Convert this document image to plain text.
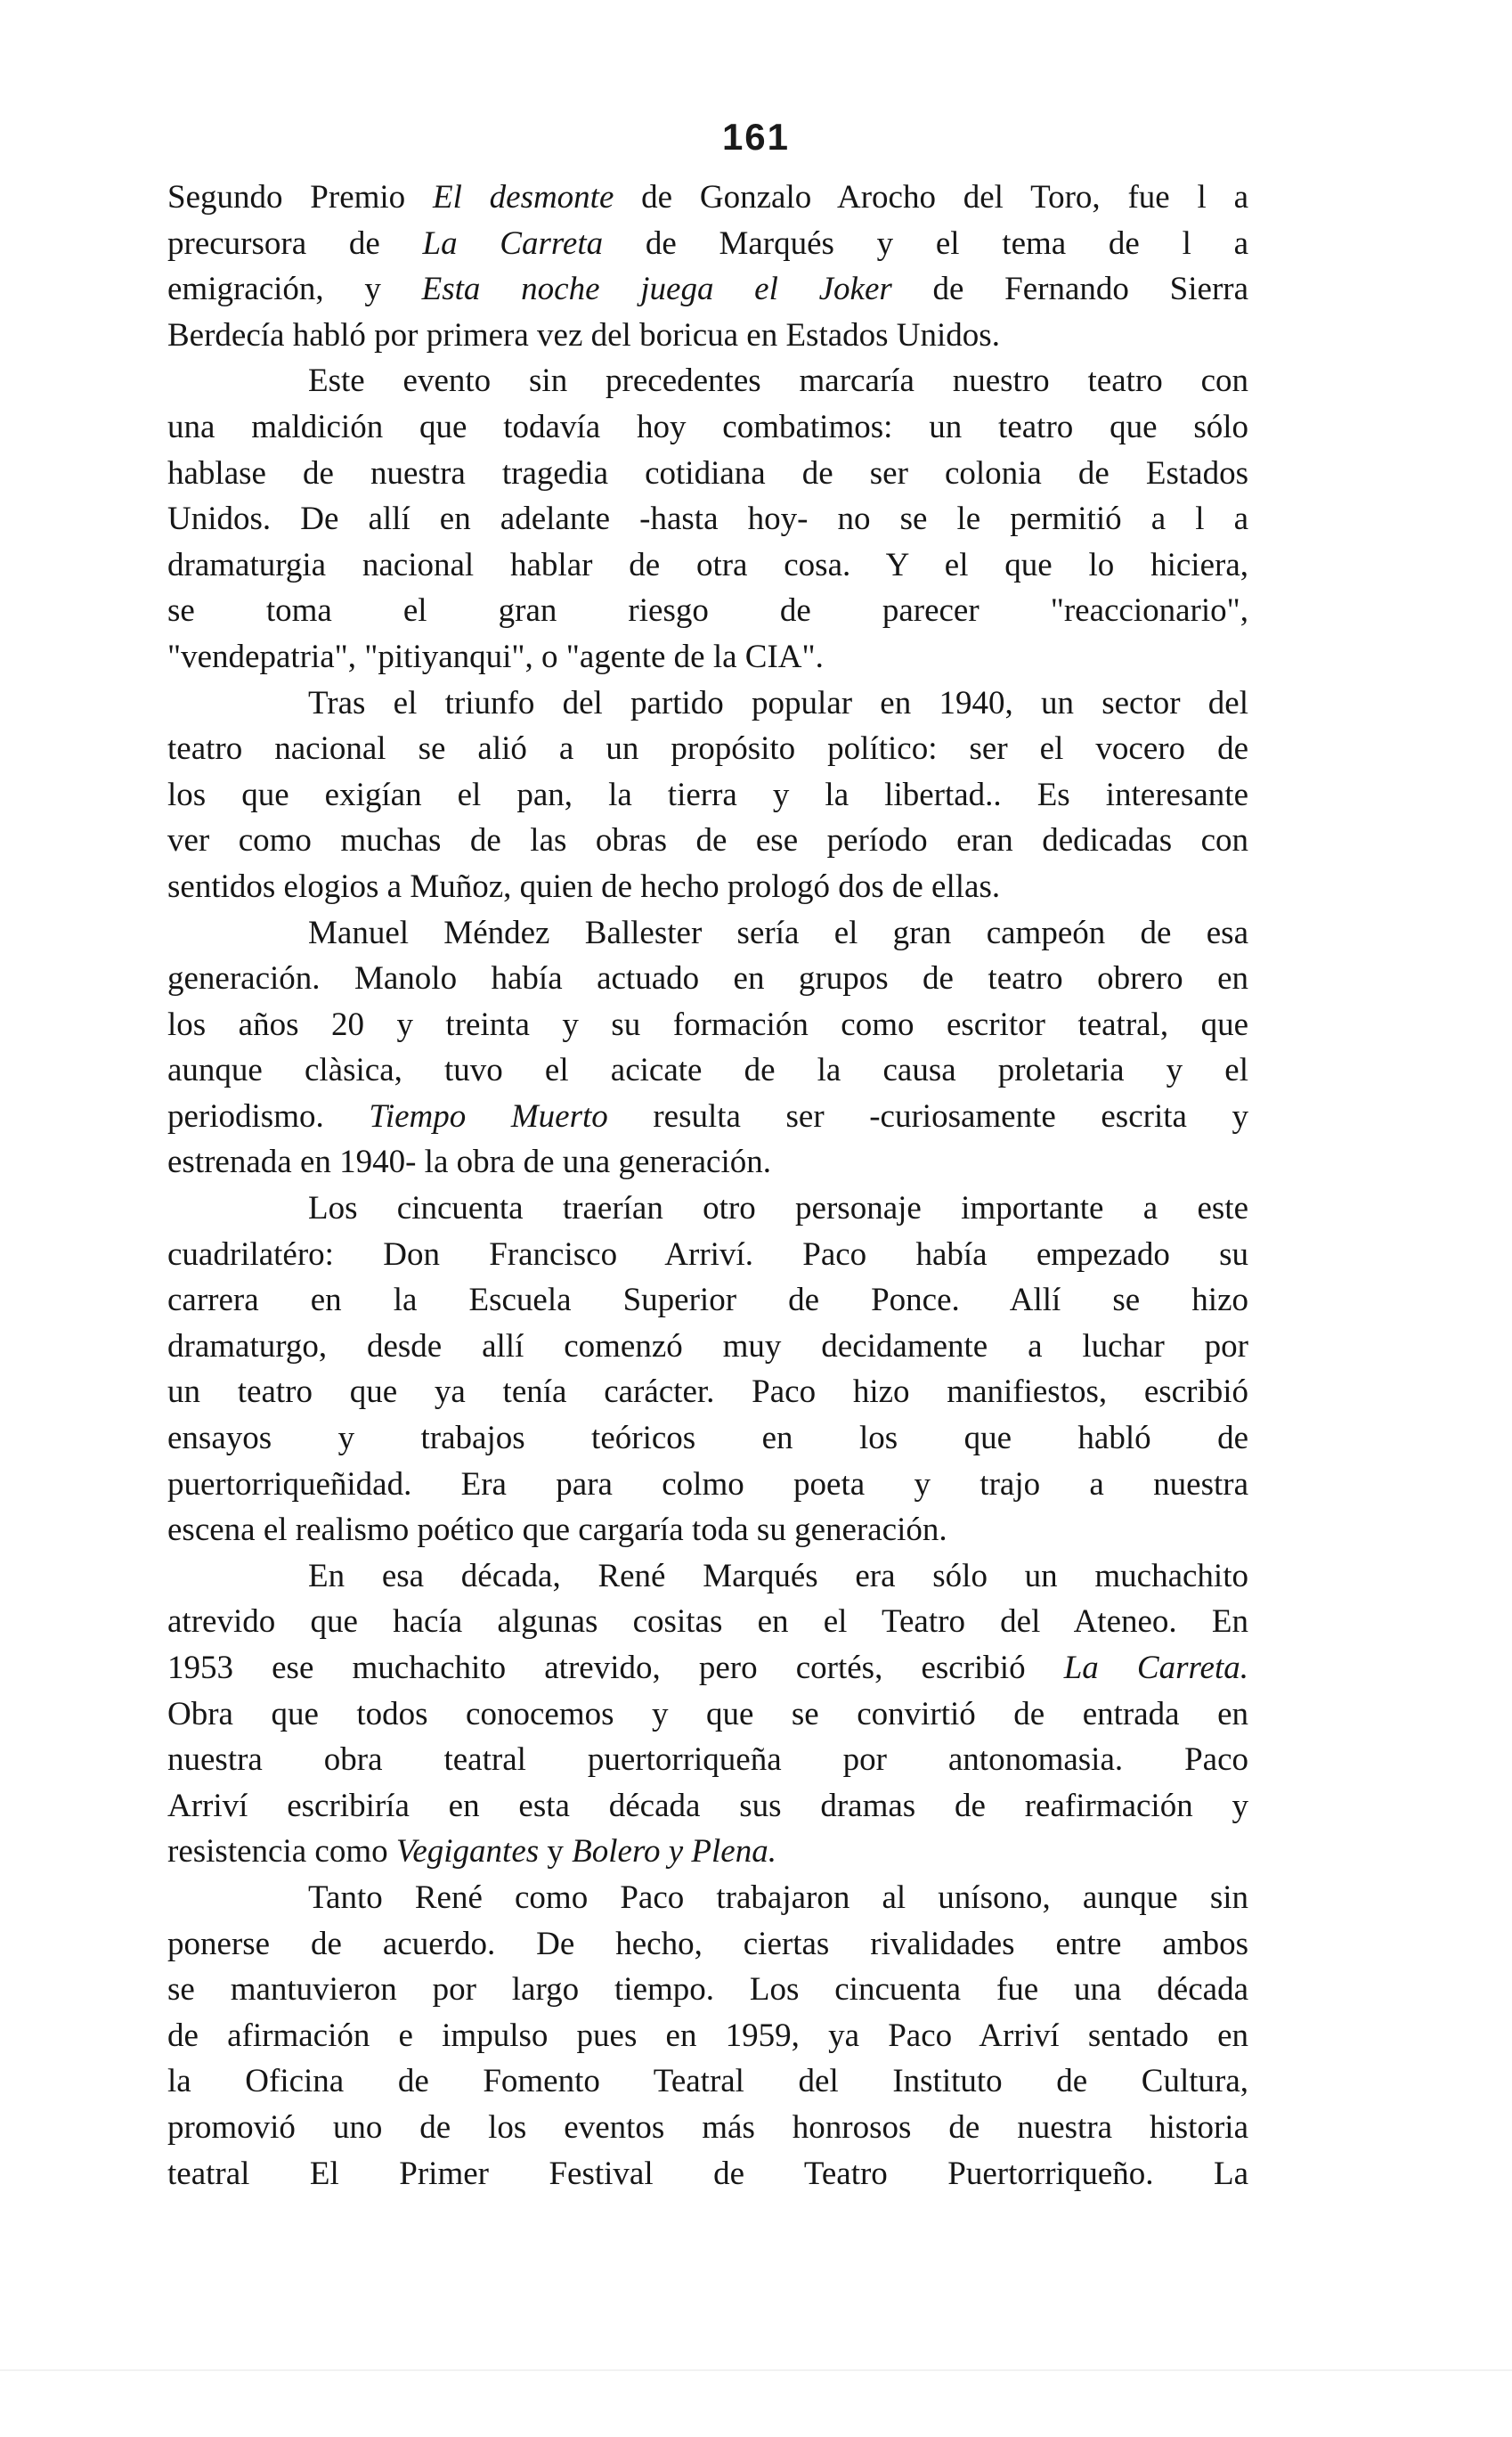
161
Segundo Premio El desmonte de Gonzalo Arocho del Toro, fue l a
precursora de La Carreta de Marqués y el tema de l a
emigración, y Esta noche juega el Joker de Fernando Sierra
Berdecía habló por primera vez del boricua en Estados Unidos.
Este evento sin precedentes marcaría nuestro teatro con
una maldición que todavía hoy combatimos: un teatro que sólo
hablase de nuestra tragedia cotidiana de ser colonia de Estados
Unidos. De allí en adelante -hasta hoy- no se le permitió a l a
dramaturgia nacional hablar de otra cosa. Y el que lo hiciera,
se toma el gran riesgo de parecer "reaccionario",
"vendepatria", "pitiyanqui", o "agente de la CIA".
Tras el triunfo del partido popular en 1940, un sector del
teatro nacional se alió a un propósito político: ser el vocero de
los que exigían el pan, la tierra y la libertad.. Es interesante
ver como muchas de las obras de ese período eran dedicadas con
sentidos elogios a Muñoz, quien de hecho prologó dos de ellas.
Manuel Méndez Ballester sería el gran campeón de esa
generación. Manolo había actuado en grupos de teatro obrero en
los años 20 y treinta y su formación como escritor teatral, que
aunque clàsica, tuvo el acicate de la causa proletaria y el
periodismo. Tiempo Muerto resulta ser -curiosamente escrita y
estrenada en 1940- la obra de una generación.
Los cincuenta traerían otro personaje importante a este
cuadrilatéro: Don Francisco Arriví. Paco había empezado su
carrera en la Escuela Superior de Ponce. Allí se hizo
dramaturgo, desde allí comenzó muy decidamente a luchar por
un teatro que ya tenía carácter. Paco hizo manifiestos, escribió
ensayos y trabajos teóricos en los que habló de
puertorriqueñidad. Era para colmo poeta y trajo a nuestra
escena el realismo poético que cargaría toda su generación.
En esa década, René Marqués era sólo un muchachito
atrevido que hacía algunas cositas en el Teatro del Ateneo. En
1953 ese muchachito atrevido, pero cortés, escribió La Carreta.
Obra que todos conocemos y que se convirtió de entrada en
nuestra obra teatral puertorriqueña por antonomasia. Paco
Arriví escribiría en esta década sus dramas de reafirmación y
resistencia como Vegigantes y Bolero y Plena.
Tanto René como Paco trabajaron al unísono, aunque sin
ponerse de acuerdo. De hecho, ciertas rivalidades entre ambos
se mantuvieron por largo tiempo. Los cincuenta fue una década
de afirmación e impulso pues en 1959, ya Paco Arriví sentado en
la Oficina de Fomento Teatral del Instituto de Cultura,
promovió uno de los eventos más honrosos de nuestra historia
teatral El Primer Festival de Teatro Puertorriqueño. La
